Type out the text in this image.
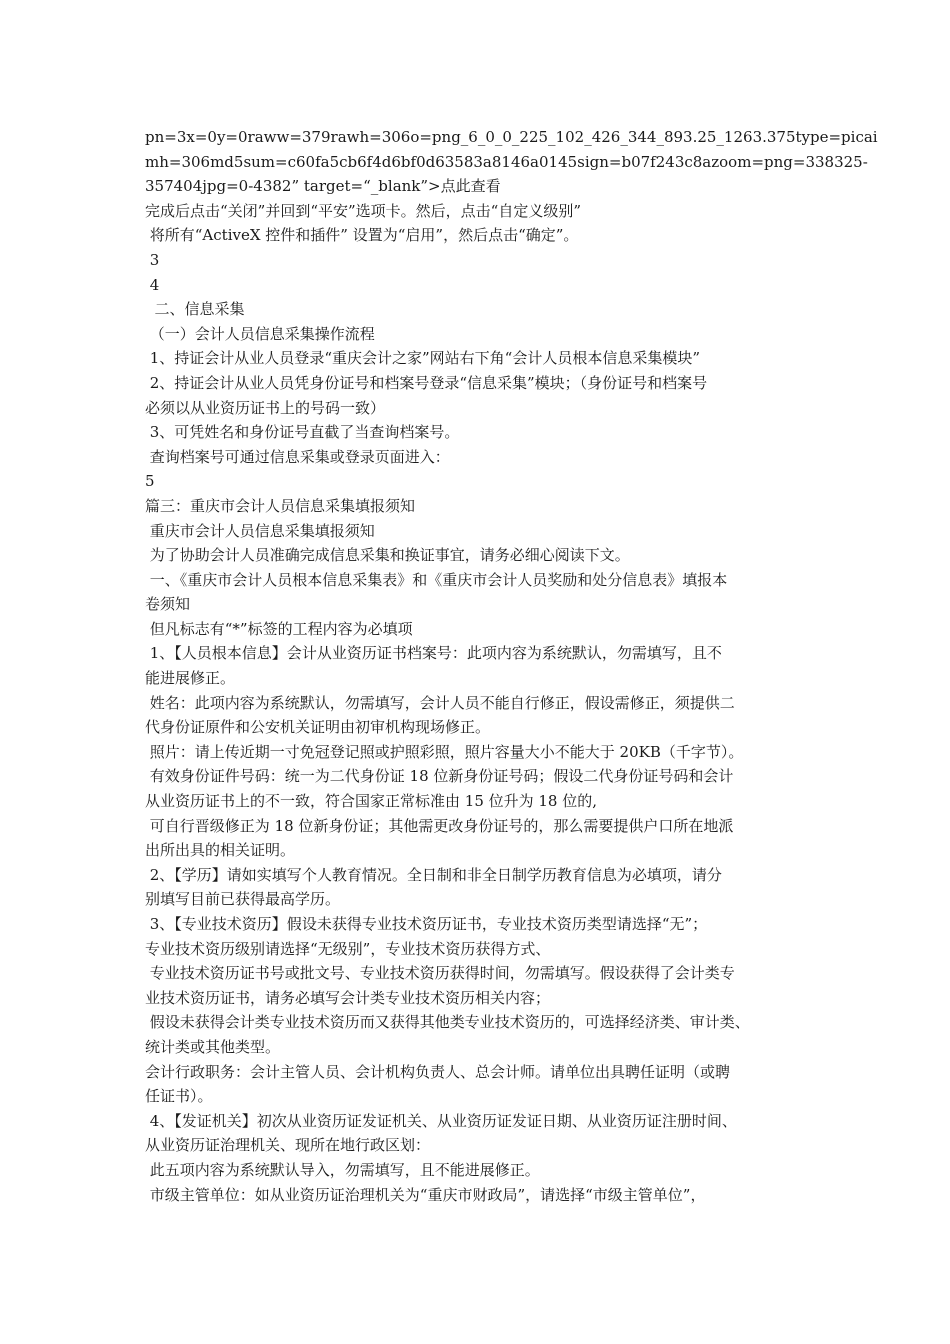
pn=3x=0y=0raww=379rawh=306o=png_6_0_0_225_102_426_344_893.25_1263.375type=picai
mh=306md5sum=c60fa5cb6f4d6bf0d63583a8146a0145sign=b07f243c8azoom=png=338325-
357404jpg=0-4382” target=“_blank”>点此查看
完成后点击“关闭”并回到“平安”选项卡。然后，点击“自定义级别”
将所有“ActiveX 控件和插件” 设置为“启用”，然后点击“确定”。
3
4
二、信息采集
（一）会计人员信息采集操作流程
1、持证会计从业人员登录“重庆会计之家”网站右下角“会计人员根本信息采集模块”
2、持证会计从业人员凭身份证号和档案号登录“信息采集”模块；（身份证号和档案号
必须以从业资历证书上的号码一致）
3、可凭姓名和身份证号直截了当查询档案号。
查询档案号可通过信息采集或登录页面进入：
5
篇三：重庆市会计人员信息采集填报须知
重庆市会计人员信息采集填报须知
为了协助会计人员准确完成信息采集和换证事宜，请务必细心阅读下文。
一、《重庆市会计人员根本信息采集表》和《重庆市会计人员奖励和处分信息表》填报本
卷须知
但凡标志有“*”标签的工程内容为必填项
1、【人员根本信息】会计从业资历证书档案号：此项内容为系统默认，勿需填写，且不
能进展修正。
姓名：此项内容为系统默认，勿需填写，会计人员不能自行修正，假设需修正，须提供二
代身份证原件和公安机关证明由初审机构现场修正。
照片：请上传近期一寸免冠登记照或护照彩照，照片容量大小不能大于 20KB（千字节）。
有效身份证件号码：统一为二代身份证 18 位新身份证号码；假设二代身份证号码和会计
从业资历证书上的不一致，符合国家正常标准由 15 位升为 18 位的,
可自行晋级修正为 18 位新身份证；其他需更改身份证号的，那么需要提供户口所在地派
出所出具的相关证明。
2、【学历】请如实填写个人教育情况。全日制和非全日制学历教育信息为必填项，请分
别填写目前已获得最高学历。
3、【专业技术资历】假设未获得专业技术资历证书，专业技术资历类型请选择“无”；
专业技术资历级别请选择“无级别”，专业技术资历获得方式、
专业技术资历证书号或批文号、专业技术资历获得时间，勿需填写。假设获得了会计类专
业技术资历证书，请务必填写会计类专业技术资历相关内容；
假设未获得会计类专业技术资历而又获得其他类专业技术资历的，可选择经济类、审计类、
统计类或其他类型。
会计行政职务：会计主管人员、会计机构负责人、总会计师。请单位出具聘任证明（或聘
任证书）。
4、【发证机关】初次从业资历证发证机关、从业资历证发证日期、从业资历证注册时间、
从业资历证治理机关、现所在地行政区划：
此五项内容为系统默认导入，勿需填写，且不能进展修正。
市级主管单位：如从业资历证治理机关为“重庆市财政局”，请选择“市级主管单位”，
